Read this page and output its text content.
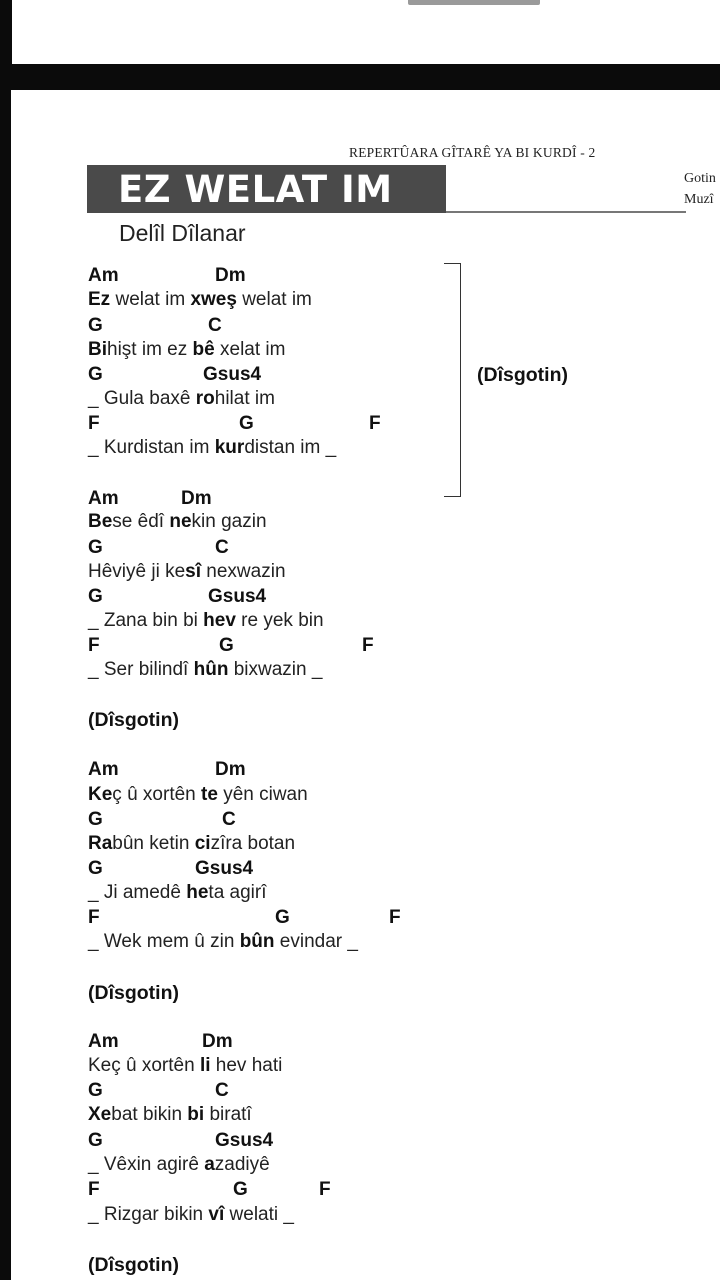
REPERTÛARA GÎTARÊ YA BI KURDÎ - 2
EZ WELAT IM	Gotin
Muzî
Delîl Dîlanar
Am	Dm
Ez welat im xweş welat im
G	C
Bihişt im ez bê xelat im
G	Gsus4
_ Gula baxê rohilat im
F	G	F
_ Kurdistan im kurdistan im _
(Dîsgotin)
Am	Dm
Bese êdî nekin gazin
G	C
Hêviyê ji kesî nexwazin
G	Gsus4
_ Zana bin bi hev re yek bin
F	G	F
_ Ser bilindî hûn bixwazin _
(Dîsgotin)
Am	Dm
Keç û xortên te yên ciwan
G	C
Rabûn ketin cizîra botan
G	Gsus4
_ Ji amedê heta agirî
F	G	F
_ Wek mem û zin bûn evindar _
(Dîsgotin)
Am	Dm
Keç û xortên li hev hati
G	C
Xebat bikin bi biratî
G	Gsus4
_ Vêxin agirê azadiyê
F	G	F
_ Rizgar bikin vî welati _
(Dîsgotin)
